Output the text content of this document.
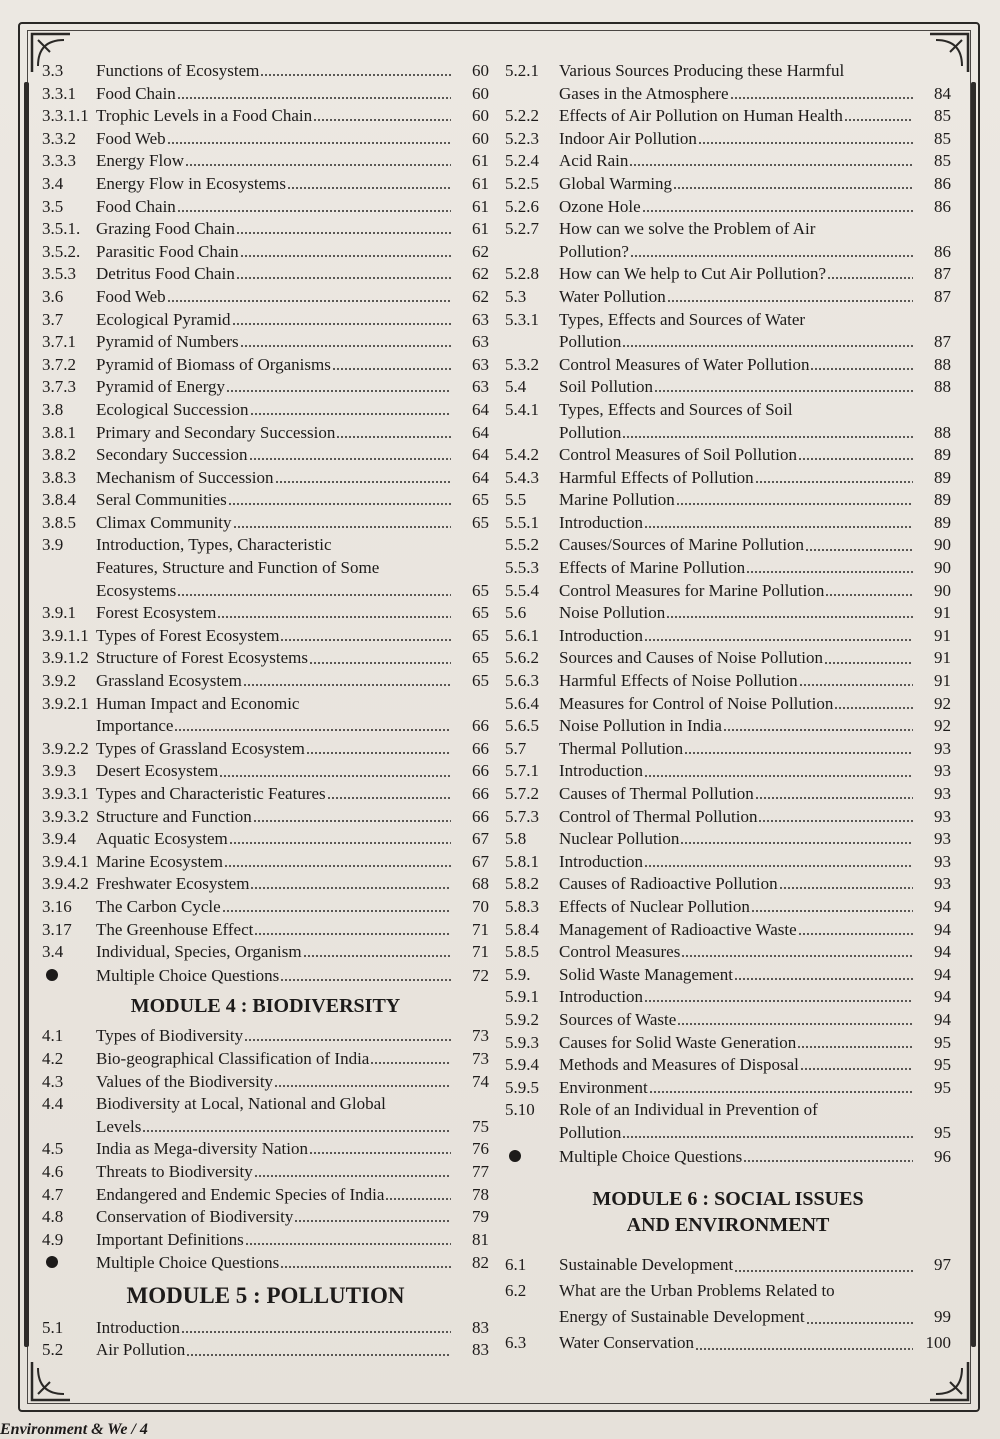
3.3	Functions of Ecosystem	60
3.3.1	Food Chain	60
3.3.1.1 Trophic Levels in a Food Chain	60
3.3.2	Food Web	60
3.3.3	Energy Flow	61
3.4	Energy Flow in Ecosystems	61
3.5	Food Chain	61
3.5.1. Grazing Food Chain	61
3.5.2. Parasitic Food Chain	62
3.5.3	Detritus Food Chain	62
3.6	Food Web	62
3.7	Ecological Pyramid	63
3.7.1	Pyramid of Numbers	63
3.7.2	Pyramid of Biomass of Organisms	63
3.7.3	Pyramid of Energy	63
3.8	Ecological Succession	64
3.8.1	Primary and Secondary Succession	64
3.8.2	Secondary Succession	64
3.8.3	Mechanism of Succession	64
3.8.4	Seral Communities	65
3.8.5	Climax Community	65
3.9	Introduction, Types, Characteristic
Features, Structure and Function of Some
Ecosystems	65
3.9.1	Forest Ecosystem	65
3.9.1.1 Types of Forest Ecosystem	65
3.9.1.2 Structure of Forest Ecosystems	65
3.9.2	Grassland Ecosystem	65
3.9.2.1 Human Impact and Economic
Importance	66
3.9.2.2 Types of Grassland Ecosystem	66
3.9.3	Desert Ecosystem	66
3.9.3.1 Types and Characteristic Features	66
3.9.3.2 Structure and Function	66
3.9.4	Aquatic Ecosystem	67
3.9.4.1 Marine Ecosystem	67
3.9.4.2 Freshwater Ecosystem	68
3.16	The Carbon Cycle	70
3.17	The Greenhouse Effect	71
3.4	Individual, Species, Organism	71
Multiple Choice Questions	72
MODULE 4 : BIODIVERSITY
4.1	Types of Biodiversity	73
4.2	Bio-geographical Classification of India	73
4.3	Values of the Biodiversity	74
4.4	Biodiversity at Local, National and Global
Levels	75
4.5	India as Mega-diversity Nation	76
4.6	Threats to Biodiversity	77
4.7	Endangered and Endemic Species of India	78
4.8	Conservation of Biodiversity	79
4.9	Important Definitions	81
Multiple Choice Questions	82
MODULE 5 : POLLUTION
5.1	Introduction	83
5.2	Air Pollution	83
5.2.1	Various Sources Producing these Harmful
Gases in the Atmosphere	84
5.2.2	Effects of Air Pollution on Human Health	85
5.2.3	Indoor Air Pollution	85
5.2.4	Acid Rain	85
5.2.5	Global Warming	86
5.2.6	Ozone Hole	86
5.2.7	How can we solve the Problem of Air
Pollution?	86
5.2.8	How can We help to Cut Air Pollution?	87
5.3	Water Pollution	87
5.3.1	Types, Effects and Sources of Water
Pollution	87
5.3.2	Control Measures of Water Pollution	88
5.4	Soil Pollution	88
5.4.1	Types, Effects and Sources of Soil
Pollution	88
5.4.2	Control Measures of Soil Pollution	89
5.4.3	Harmful Effects of Pollution	89
5.5	Marine Pollution	89
5.5.1	Introduction	89
5.5.2	Causes/Sources of Marine Pollution	90
5.5.3	Effects of Marine Pollution	90
5.5.4	Control Measures for Marine Pollution	90
5.6	Noise Pollution	91
5.6.1	Introduction	91
5.6.2	Sources and Causes of Noise Pollution	91
5.6.3	Harmful Effects of Noise Pollution	91
5.6.4	Measures for Control of Noise Pollution	92
5.6.5	Noise Pollution in India	92
5.7	Thermal Pollution	93
5.7.1	Introduction	93
5.7.2	Causes of Thermal Pollution	93
5.7.3	Control of Thermal Pollution	93
5.8	Nuclear Pollution	93
5.8.1	Introduction	93
5.8.2	Causes of Radioactive Pollution	93
5.8.3	Effects of Nuclear Pollution	94
5.8.4	Management of Radioactive Waste	94
5.8.5	Control Measures	94
5.9.	Solid Waste Management	94
5.9.1	Introduction	94
5.9.2	Sources of Waste	94
5.9.3	Causes for Solid Waste Generation	95
5.9.4	Methods and Measures of Disposal	95
5.9.5	Environment	95
5.10	Role of an Individual in Prevention of
Pollution	95
Multiple Choice Questions	96
MODULE 6 : SOCIAL ISSUES
AND ENVIRONMENT
6.1	Sustainable Development	97
6.2	What are the Urban Problems Related to
Energy of Sustainable Development	99
6.3	Water Conservation	100
Environment & We / 4
